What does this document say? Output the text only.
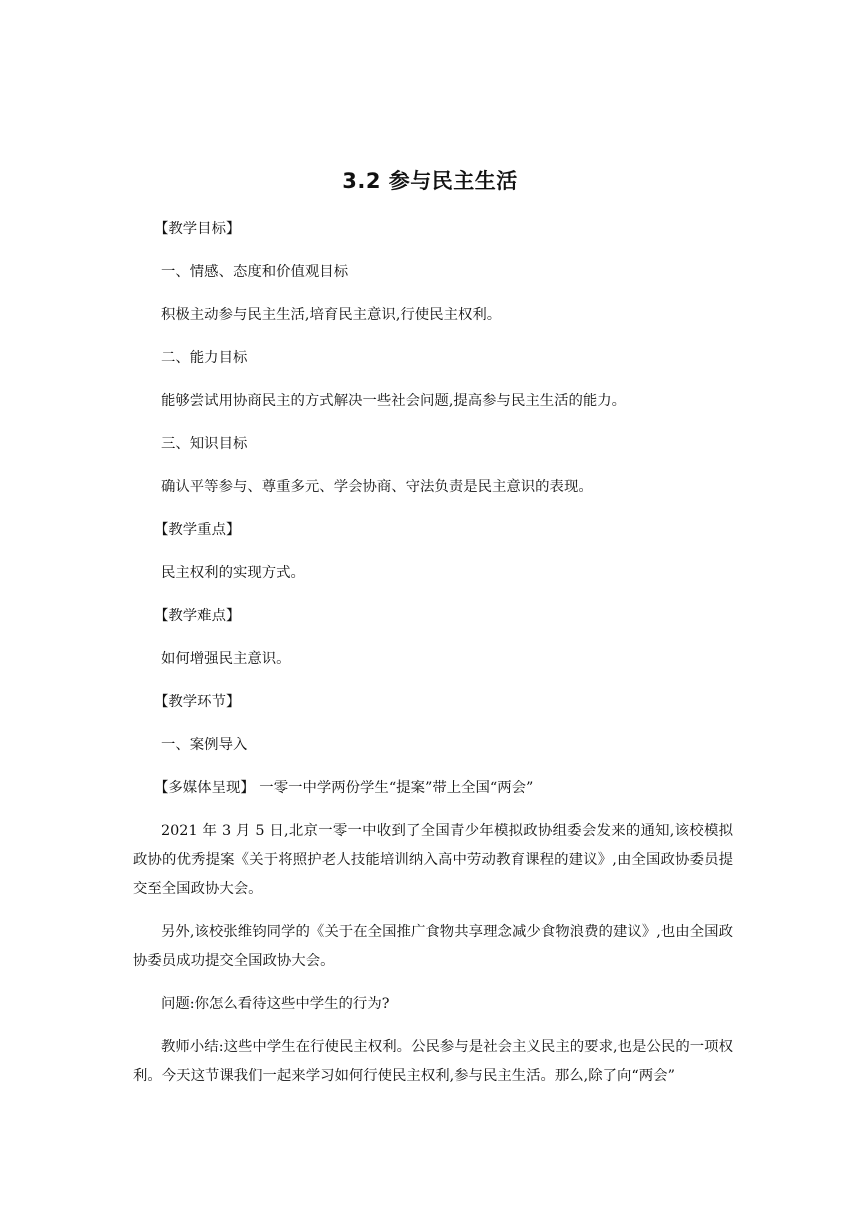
3.2 参与民主生活

【教学目标】

一、情感、态度和价值观目标

积极主动参与民主生活,培育民主意识,行使民主权利。

二、能力目标

能够尝试用协商民主的方式解决一些社会问题,提高参与民主生活的能力。

三、知识目标

确认平等参与、尊重多元、学会协商、守法负责是民主意识的表现。

【教学重点】

民主权利的实现方式。

【教学难点】

如何增强民主意识。

【教学环节】

一、案例导入

【多媒体呈现】 一零一中学两份学生“提案”带上全国“两会”

2021 年 3 月 5 日,北京一零一中收到了全国青少年模拟政协组委会发来的通知,该校模拟政协的优秀提案《关于将照护老人技能培训纳入高中劳动教育课程的建议》,由全国政协委员提交至全国政协大会。

另外,该校张维钧同学的《关于在全国推广食物共享理念减少食物浪费的建议》,也由全国政协委员成功提交全国政协大会。

问题:你怎么看待这些中学生的行为?

教师小结:这些中学生在行使民主权利。公民参与是社会主义民主的要求,也是公民的一项权利。今天这节课我们一起来学习如何行使民主权利,参与民主生活。那么,除了向“两会”
